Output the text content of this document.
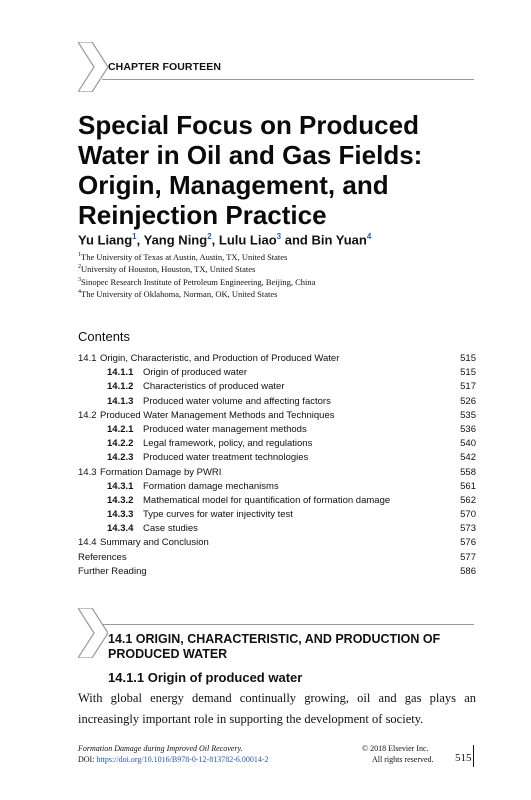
CHAPTER FOURTEEN
Special Focus on Produced Water in Oil and Gas Fields: Origin, Management, and Reinjection Practice
Yu Liang$^1$, Yang Ning$^2$, Lulu Liao$^3$ and Bin Yuan$^4$
$^1$The University of Texas at Austin, Austin, TX, United States
$^2$University of Houston, Houston, TX, United States
$^3$Sinopec Research Institute of Petroleum Engineering, Beijing, China
$^4$The University of Oklahoma, Norman, OK, United States
Contents
14.1 Origin, Characteristic, and Production of Produced Water	515
14.1.1 Origin of produced water	515
14.1.2 Characteristics of produced water	517
14.1.3 Produced water volume and affecting factors	526
14.2 Produced Water Management Methods and Techniques	535
14.2.1 Produced water management methods	536
14.2.2 Legal framework, policy, and regulations	540
14.2.3 Produced water treatment technologies	542
14.3 Formation Damage by PWRI	558
14.3.1 Formation damage mechanisms	561
14.3.2 Mathematical model for quantification of formation damage	562
14.3.3 Type curves for water injectivity test	570
14.3.4 Case studies	573
14.4 Summary and Conclusion	576
References	577
Further Reading	586
14.1 ORIGIN, CHARACTERISTIC, AND PRODUCTION OF PRODUCED WATER
14.1.1 Origin of produced water
With global energy demand continually growing, oil and gas plays an increasingly important role in supporting the development of society.
Formation Damage during Improved Oil Recovery.
DOI: https://doi.org/10.1016/B978-0-12-813782-6.00014-2
© 2018 Elsevier Inc.
All rights reserved. 515
